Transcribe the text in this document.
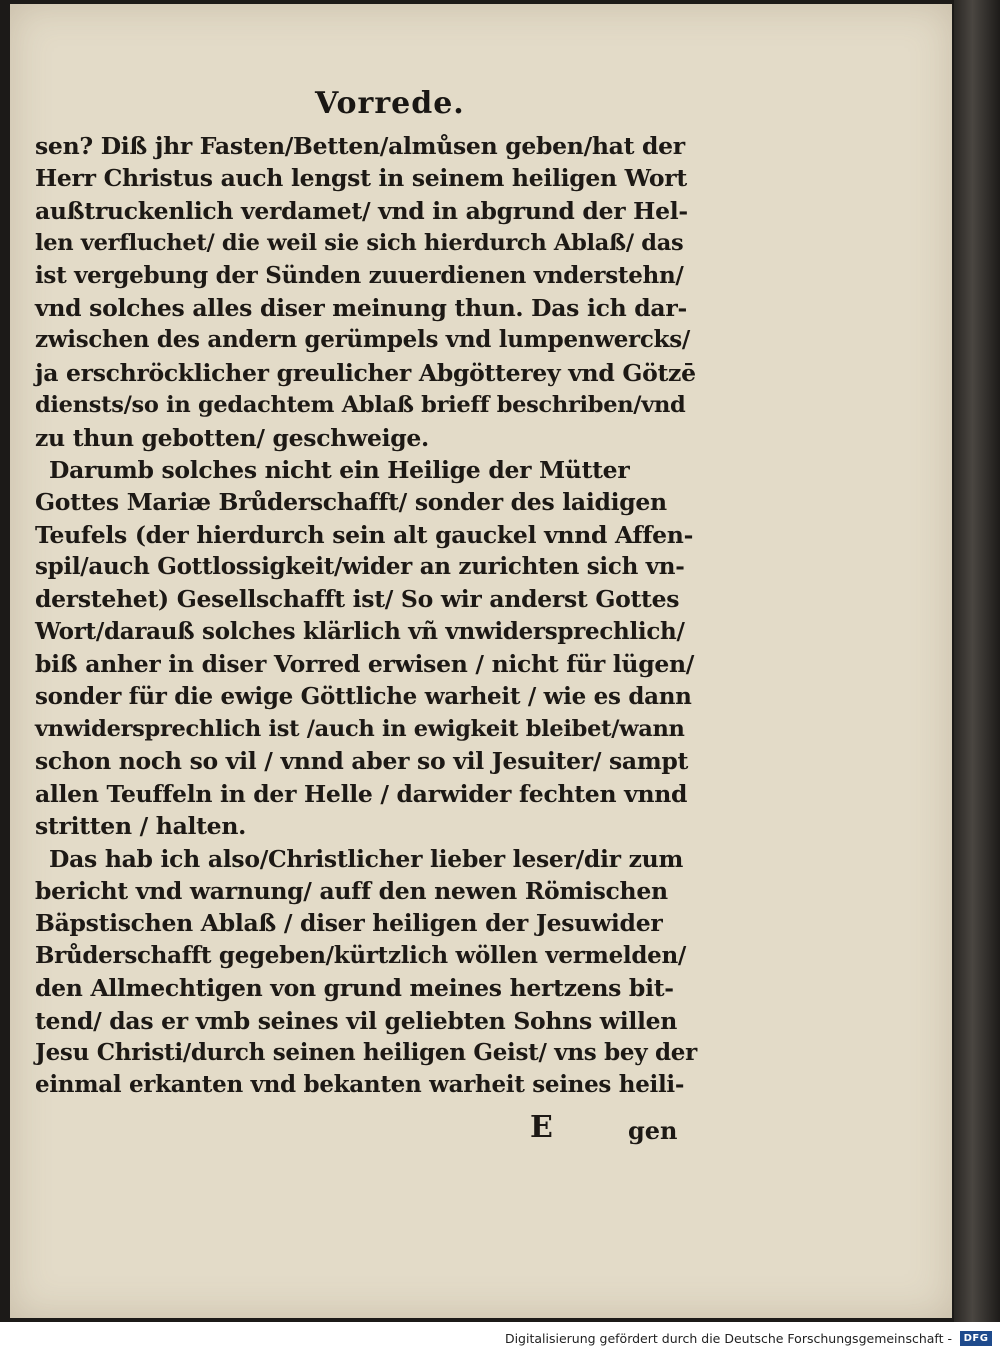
Vorrede.
sen? Diß jhr Fasten/Betten/almůsen geben/hat der
Herr Christus auch lengst in seinem heiligen Wort
außtruckenlich verdamet/ vnd in abgrund der Hel-
len verfluchet/ die weil sie sich hierdurch Ablaß/ das
ist vergebung der Sünden zuuerdienen vnderstehn/
vnd solches alles diser meinung thun. Das ich dar-
zwischen des andern gerümpels vnd lumpenwercks/
ja erschröcklicher greulicher Abgötterey vnd Götzē
diensts/so in gedachtem Ablaß brieff beschriben/vnd
zu thun gebotten/ geschweige.
Darumb solches nicht ein Heilige der Mütter
Gottes Mariæ Brůderschafft/ sonder des laidigen
Teufels (der hierdurch sein alt gauckel vnnd Affen-
spil/auch Gottlossigkeit/wider an zurichten sich vn-
derstehet) Gesellschafft ist/ So wir anderst Gottes
Wort/darauß solches klärlich vñ vnwidersprechlich/
biß anher in diser Vorred erwisen / nicht für lügen/
sonder für die ewige Göttliche warheit / wie es dann
vnwidersprechlich ist /auch in ewigkeit bleibet/wann
schon noch so vil / vnnd aber so vil Jesuiter/ sampt
allen Teuffeln in der Helle / darwider fechten vnnd
stritten / halten.
Das hab ich also/Christlicher lieber leser/dir zum
bericht vnd warnung/ auff den newen Römischen
Bäpstischen Ablaß / diser heiligen der Jesuwider
Brůderschafft gegeben/kürtzlich wöllen vermelden/
den Allmechtigen von grund meines hertzens bit-
tend/ das er vmb seines vil geliebten Sohns willen
Jesu Christi/durch seinen heiligen Geist/ vns bey der
einmal erkanten vnd bekanten warheit seines heili-
E	gen
Digitalisierung gefördert durch die Deutsche Forschungsgemeinschaft -	DFG
